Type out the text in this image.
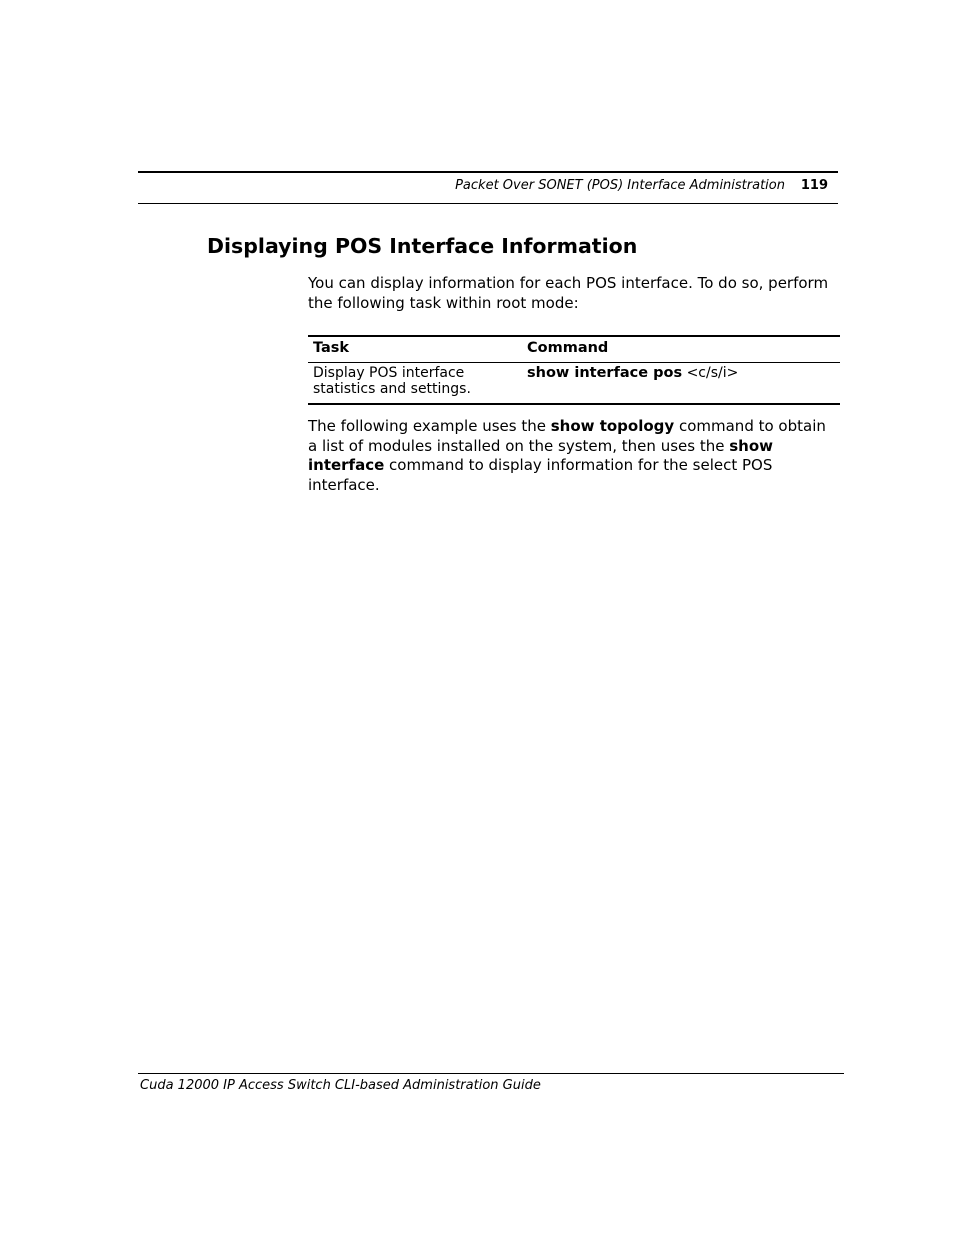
Packet Over SONET (POS) Interface Administration 119
Displaying POS Interface Information

You can display information for each POS interface. To do so, perform the following task within root mode:

Task	Command
Display POS interface statistics and settings.
show interface pos <c/s/i>

The following example uses the show topology command to obtain a list of modules installed on the system, then uses the show interface command to display information for the select POS interface.

Cuda 12000 IP Access Switch CLI-based Administration Guide
